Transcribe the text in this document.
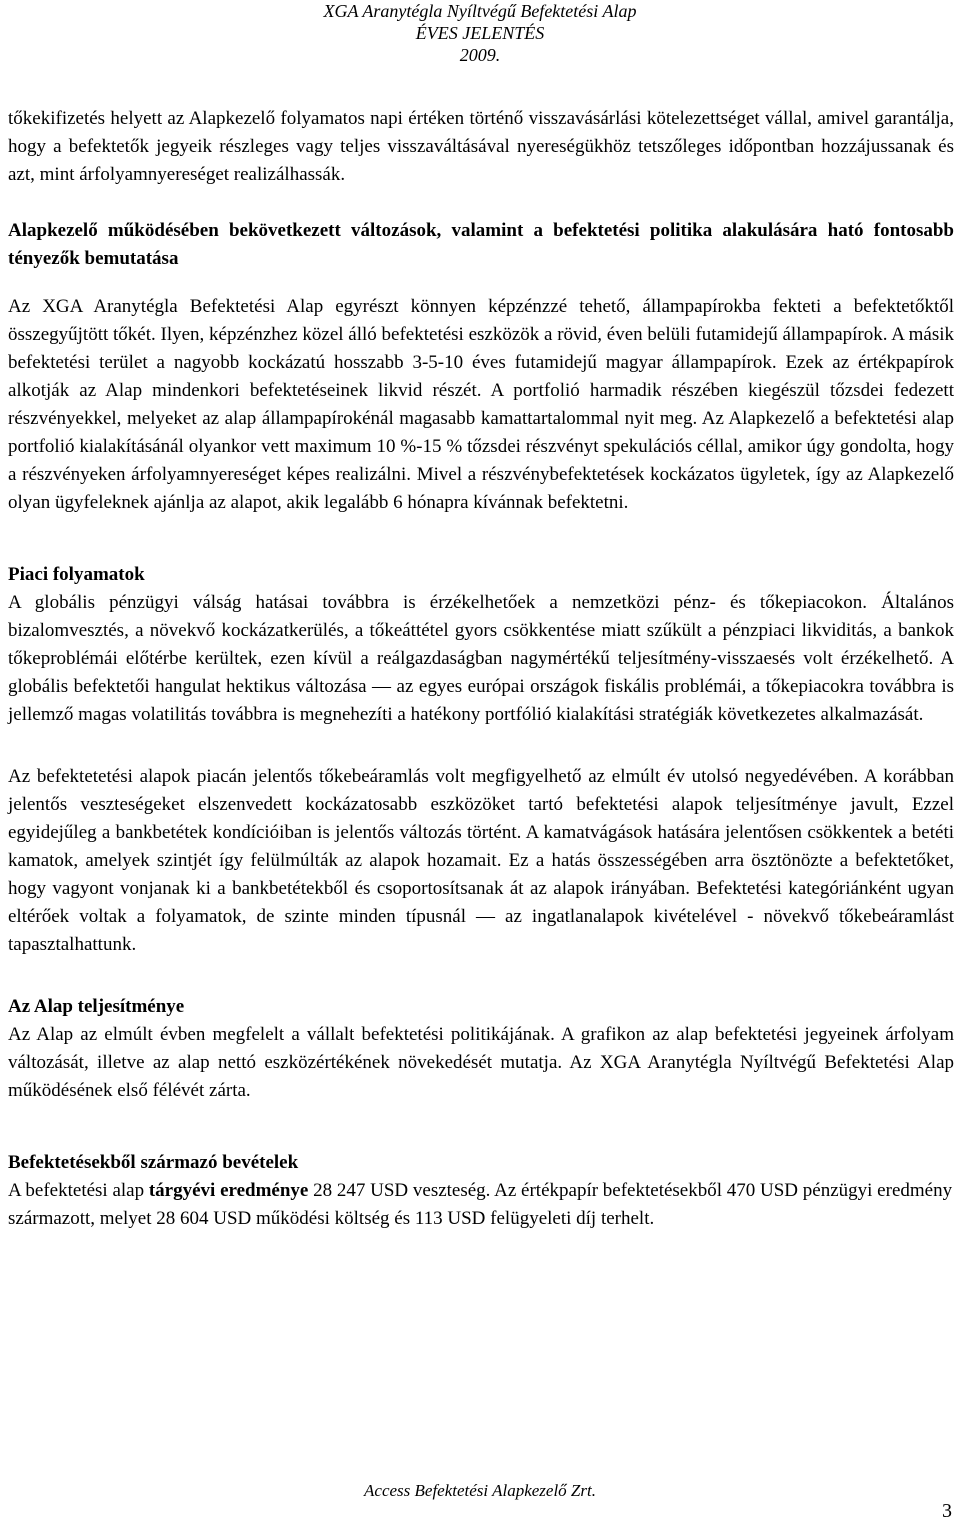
XGA Aranytégla Nyíltvégű Befektetési Alap
ÉVES JELENTÉS
2009.

tőkekifizetés helyett az Alapkezelő folyamatos napi értéken történő visszavásárlási kötelezettséget vállal, amivel garantálja, hogy a befektetők jegyeik részleges vagy teljes visszaváltásával nyereségükhöz tetszőleges időpontban hozzájussanak és azt, mint árfolyamnyereséget realizálhassák.

Alapkezelő működésében bekövetkezett változások, valamint a befektetési politika alakulására ható fontosabb tényezők bemutatása

Az XGA Aranytégla Befektetési Alap egyrészt könnyen képzénzzé tehető, állampapírokba fekteti a befektetőktől összegyűjtött tőkét. Ilyen, képzénzhez közel álló befektetési eszközök a rövid, éven belüli futamidejű állampapírok. A másik befektetési terület a nagyobb kockázatú hosszabb 3-5-10 éves futamidejű magyar állampapírok. Ezek az értékpapírok alkotják az Alap mindenkori befektetéseinek likvid részét. A portfolió harmadik részében kiegészül tőzsdei fedezett részvényekkel, melyeket az alap állampapírokénál magasabb kamattartalommal nyit meg. Az Alapkezelő a befektetési alap portfolió kialakításánál olyankor vett maximum 10 %-15 % tőzsdei részvényt spekulációs céllal, amikor úgy gondolta, hogy a részvényeken árfolyamnyereséget képes realizálni. Mivel a részvénybefektetések kockázatos ügyletek, így az Alapkezelő olyan ügyfeleknek ajánlja az alapot, akik legalább 6 hónapra kívánnak befektetni.

Piaci folyamatok

A globális pénzügyi válság hatásai továbbra is érzékelhetőek a nemzetközi pénz- és tőkepiacokon. Általános bizalomvesztés, a növekvő kockázatkerülés, a tőkeáttétel gyors csökkentése miatt szűkült a pénzpiaci likviditás, a bankok tőkeproblémái előtérbe kerültek, ezen kívül a reálgazdaságban nagymértékű teljesítmény-visszaesés volt érzékelhető. A globális befektetői hangulat hektikus változása — az egyes európai országok fiskális problémái, a tőkepiacokra továbbra is jellemző magas volatilitás továbbra is megnehezíti a hatékony portfólió kialakítási stratégiák következetes alkalmazását.

Az befektetetési alapok piacán jelentős tőkebeáramlás volt megfigyelhető az elmúlt év utolsó negyedévében. A korábban jelentős veszteségeket elszenvedett kockázatosabb eszközöket tartó befektetési alapok teljesítménye javult, Ezzel egyidejűleg a bankbetétek kondícióiban is jelentős változás történt. A kamatvágások hatására jelentősen csökkentek a betéti kamatok, amelyek szintjét így felülmúlták az alapok hozamait. Ez a hatás összességében arra ösztönözte a befektetőket, hogy vagyont vonjanak ki a bankbetétekből és csoportosítsanak át az alapok irányában. Befektetési kategóriánként ugyan eltérőek voltak a folyamatok, de szinte minden típusnál — az ingatlanalapok kivételével - növekvő tőkebeáramlást tapasztalhattunk.

Az Alap teljesítménye

Az Alap az elmúlt évben megfelelt a vállalt befektetési politikájának. A grafikon az alap befektetési jegyeinek árfolyam változását, illetve az alap nettó eszközértékének növekedését mutatja. Az XGA Aranytégla Nyíltvégű Befektetési Alap működésének első félévét zárta.

Befektetésekből származó bevételek

A befektetési alap tárgyévi eredménye 28 247 USD veszteség. Az értékpapír befektetésekből 470 USD pénzügyi eredmény származott, melyet 28 604 USD működési költség és 113 USD felügyeleti díj terhelt.

Access Befektetési Alapkezelő Zrt.
3
